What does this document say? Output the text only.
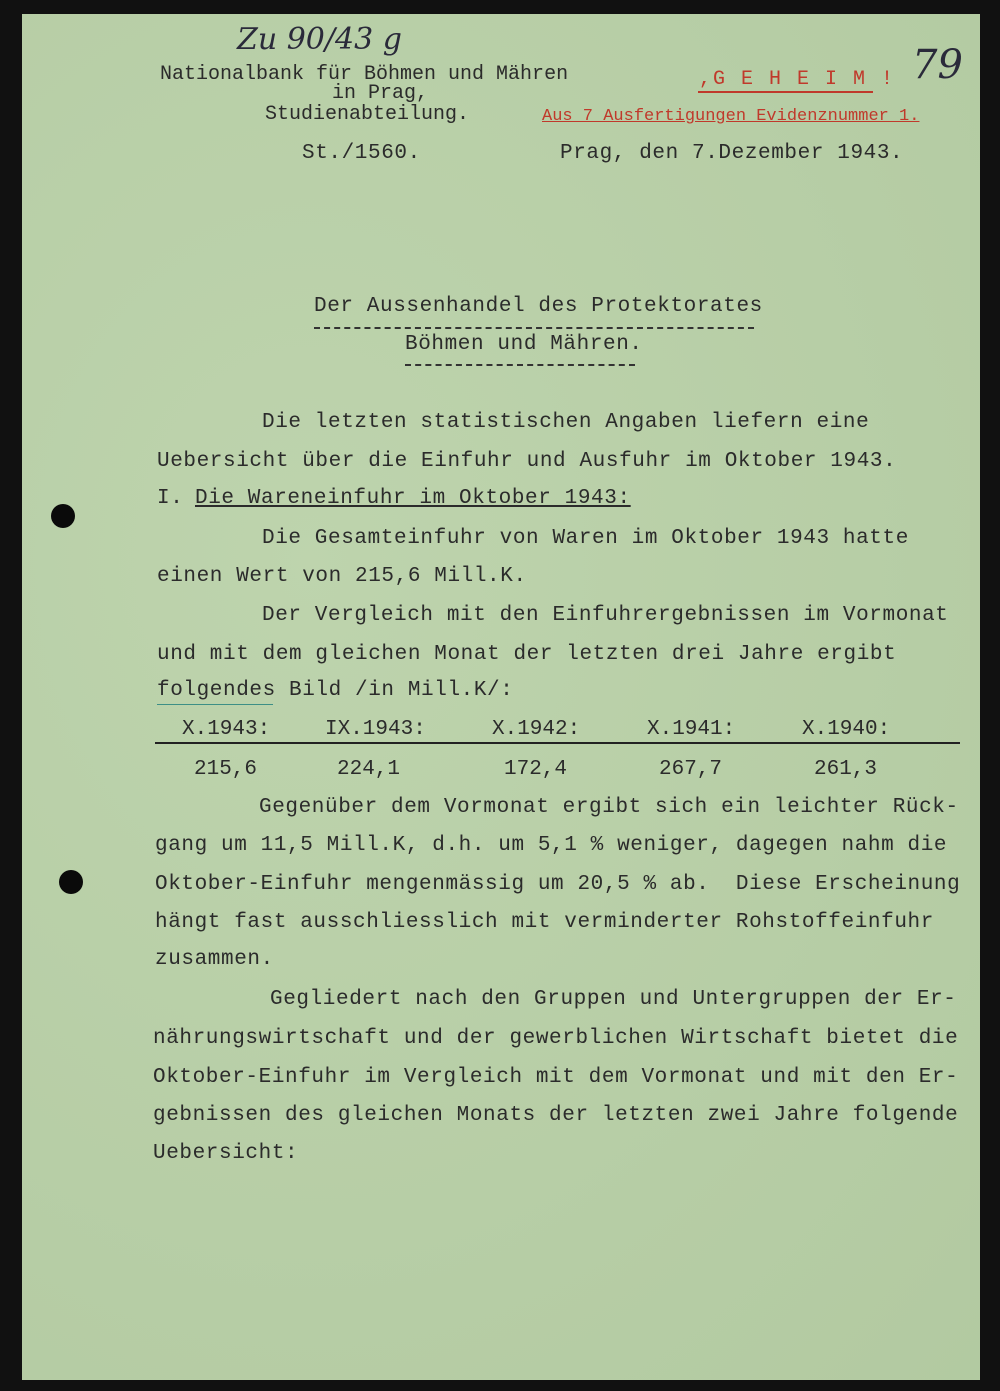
Zu 90/43 g
79
Nationalbank für Böhmen und Mähren
in Prag,
Studienabteilung.
St./1560.
,G E H E I M !
Aus 7 Ausfertigungen Evidenznummer 1.
Prag, den 7.Dezember 1943.
Der Aussenhandel des Protektorates
Böhmen und Mähren.
Die letzten statistischen Angaben liefern eine
Uebersicht über die Einfuhr und Ausfuhr im Oktober 1943.
I. Die Wareneinfuhr im Oktober 1943:
Die Gesamteinfuhr von Waren im Oktober 1943 hatte
einen Wert von 215,6 Mill.K.
Der Vergleich mit den Einfuhrergebnissen im Vormonat
und mit dem gleichen Monat der letzten drei Jahre ergibt
folgendes Bild /in Mill.K/:
X.1943:	IX.1943:	X.1942:	X.1941:	X.1940:
215,6	224,1	172,4	267,7	261,3
Gegenüber dem Vormonat ergibt sich ein leichter Rück-
gang um 11,5 Mill.K, d.h. um 5,1 % weniger, dagegen nahm die
Oktober-Einfuhr mengenmässig um 20,5 % ab.  Diese Erscheinung
hängt fast ausschliesslich mit verminderter Rohstoffeinfuhr
zusammen.
Gegliedert nach den Gruppen und Untergruppen der Er-
nährungswirtschaft und der gewerblichen Wirtschaft bietet die
Oktober-Einfuhr im Vergleich mit dem Vormonat und mit den Er-
gebnissen des gleichen Monats der letzten zwei Jahre folgende
Uebersicht:
